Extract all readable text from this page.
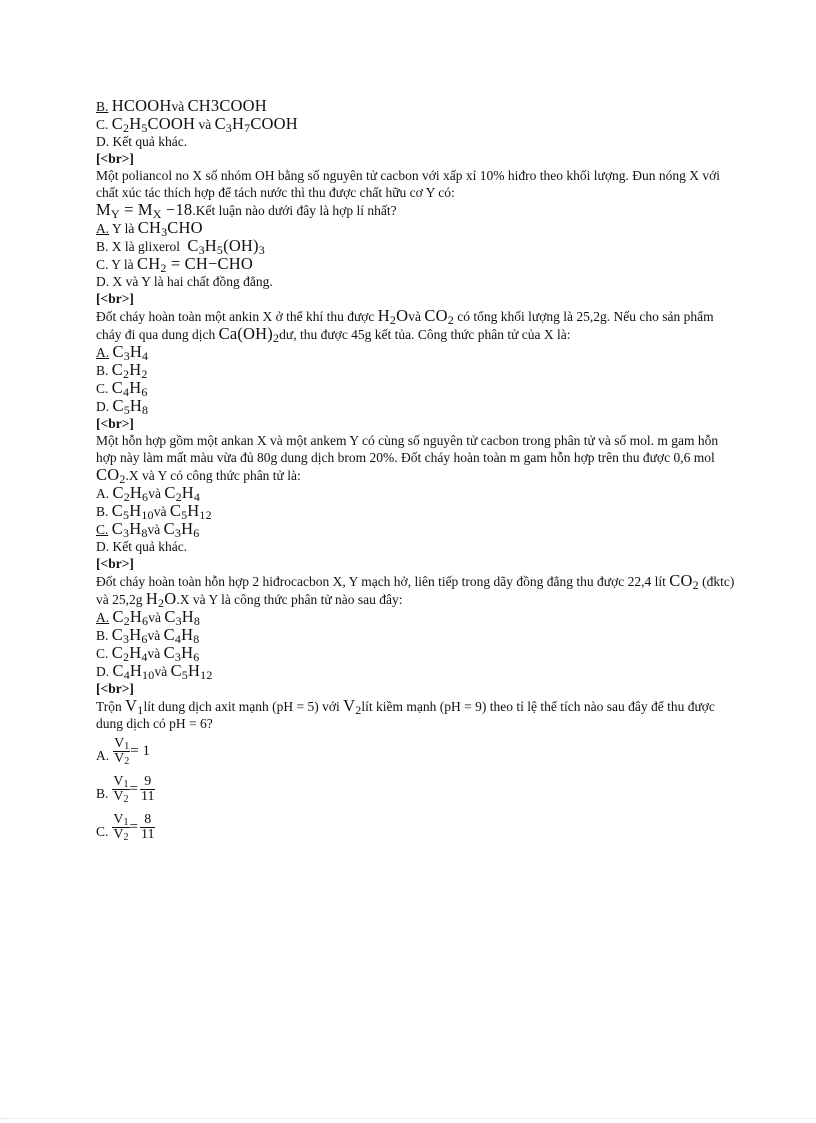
B. HCOOHvà CH3COOH
C. $C_2H_5COOH$ và $C_3H_7COOH$
D. Kết quả khác.
[<br>]
Một poliancol no X số nhóm OH bằng số nguyên tử cacbon với xấp xỉ 10% hiđro theo khối lượng. Đun nóng X với chất xúc tác thích hợp để tách nước thì thu được chất hữu cơ Y có:
$M_Y = M_X$ −18.Kết luận nào dưới đây là hợp lí nhất?
A. Y là $CH_3CHO$
B. X là glixerol $C_3H_5(OH)_3$
C. Y là $CH_2 = CH-CHO$
D. X và Y là hai chất đồng đẳng.
[<br>]
Đốt cháy hoàn toàn một ankin X ở thể khí thu được $H_2Ovà$ $CO_2$ có tổng khối lượng là 25,2g. Nếu cho sản phẩm cháy đi qua dung dịch $Ca(OH)_2dư$, thu được 45g kết tủa. Công thức phân tử của X là:
A. $C_3H_4$
B. $C_2H_2$
C. $C_4H_6$
D. $C_5H_8$
[<br>]
Một hỗn hợp gồm một ankan X và một ankem Y có cùng số nguyên tử cacbon trong phân tử và số mol. m gam hỗn hợp này làm mất màu vừa đủ 80g dung dịch brom 20%. Đốt cháy hoàn toàn m gam hỗn hợp trên thu được 0,6 mol $CO_2.X$ và Y có công thức phân tử là:
A. $C_2H_6và$ $C_2H_4$
B. $C_5H_{10}và$ $C_5H_{12}$
C. $C_3H_8và$ $C_3H_6$
D. Kết quả khác.
[<br>]
Đốt cháy hoàn toàn hỗn hợp 2 hiđrocacbon X, Y mạch hở, liên tiếp trong dãy đồng đẳng thu được 22,4 lít $CO_2$ (đktc) và 25,2g $H_2O.X$ và Y là công thức phân tử nào sau đây:
A. $C_2H_6và$ $C_3H_8$
B. $C_3H_6và$ $C_4H_8$
C. $C_2H_4và$ $C_3H_6$
D. $C_4H_{10}và$ $C_5H_{12}$
[<br>]
Trộn $V_1lít$ dung dịch axit mạnh (pH = 5) với $V_2lít$ kiềm mạnh (pH = 9) theo tỉ lệ thể tích nào sau đây để thu được dung dịch có pH = 6?
A. $\frac{V_1}{V_2} = 1$
B. $\frac{V_1}{V_2} = \frac{9}{11}$
C. $\frac{V_1}{V_2} = \frac{8}{11}$
